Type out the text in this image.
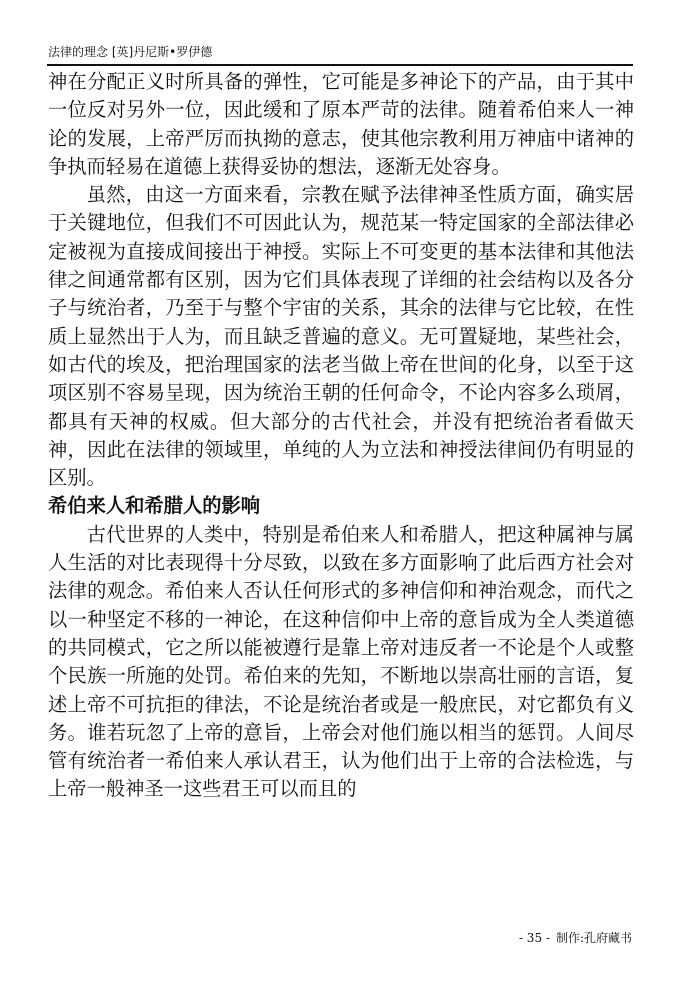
法律的理念 [英]丹尼斯•罗伊德

神在分配正义时所具备的弹性，它可能是多神论下的产品，由于其中一位反对另外一位，因此缓和了原本严苛的法律。随着希伯来人一神论的发展，上帝严厉而执拗的意志，使其他宗教利用万神庙中诸神的争执而轻易在道德上获得妥协的想法，逐渐无处容身。

虽然，由这一方面来看，宗教在赋予法律神圣性质方面，确实居于关键地位，但我们不可因此认为，规范某一特定国家的全部法律必定被视为直接成间接出于神授。实际上不可变更的基本法律和其他法律之间通常都有区别，因为它们具体表现了详细的社会结构以及各分子与统治者，乃至于与整个宇宙的关系，其余的法律与它比较，在性质上显然出于人为，而且缺乏普遍的意义。无可置疑地，某些社会，如古代的埃及，把治理国家的法老当做上帝在世间的化身，以至于这项区别不容易呈现，因为统治王朝的任何命令，不论内容多么琐屑，都具有天神的权威。但大部分的古代社会，并没有把统治者看做天神，因此在法律的领域里，单纯的人为立法和神授法律间仍有明显的区别。

希伯来人和希腊人的影响

古代世界的人类中，特别是希伯来人和希腊人，把这种属神与属人生活的对比表现得十分尽致，以致在多方面影响了此后西方社会对法律的观念。希伯来人否认任何形式的多神信仰和神治观念，而代之以一种坚定不移的一神论，在这种信仰中上帝的意旨成为全人类道德的共同模式，它之所以能被遵行是靠上帝对违反者一不论是个人或整个民族一所施的处罚。希伯来的先知，不断地以崇高壮丽的言语，复述上帝不可抗拒的律法，不论是统治者或是一般庶民，对它都负有义务。谁若玩忽了上帝的意旨，上帝会对他们施以相当的惩罚。人间尽管有统治者一希伯来人承认君王，认为他们出于上帝的合法检选，与上帝一般神圣一这些君王可以而且的

- 35 - 制作:孔府藏书
